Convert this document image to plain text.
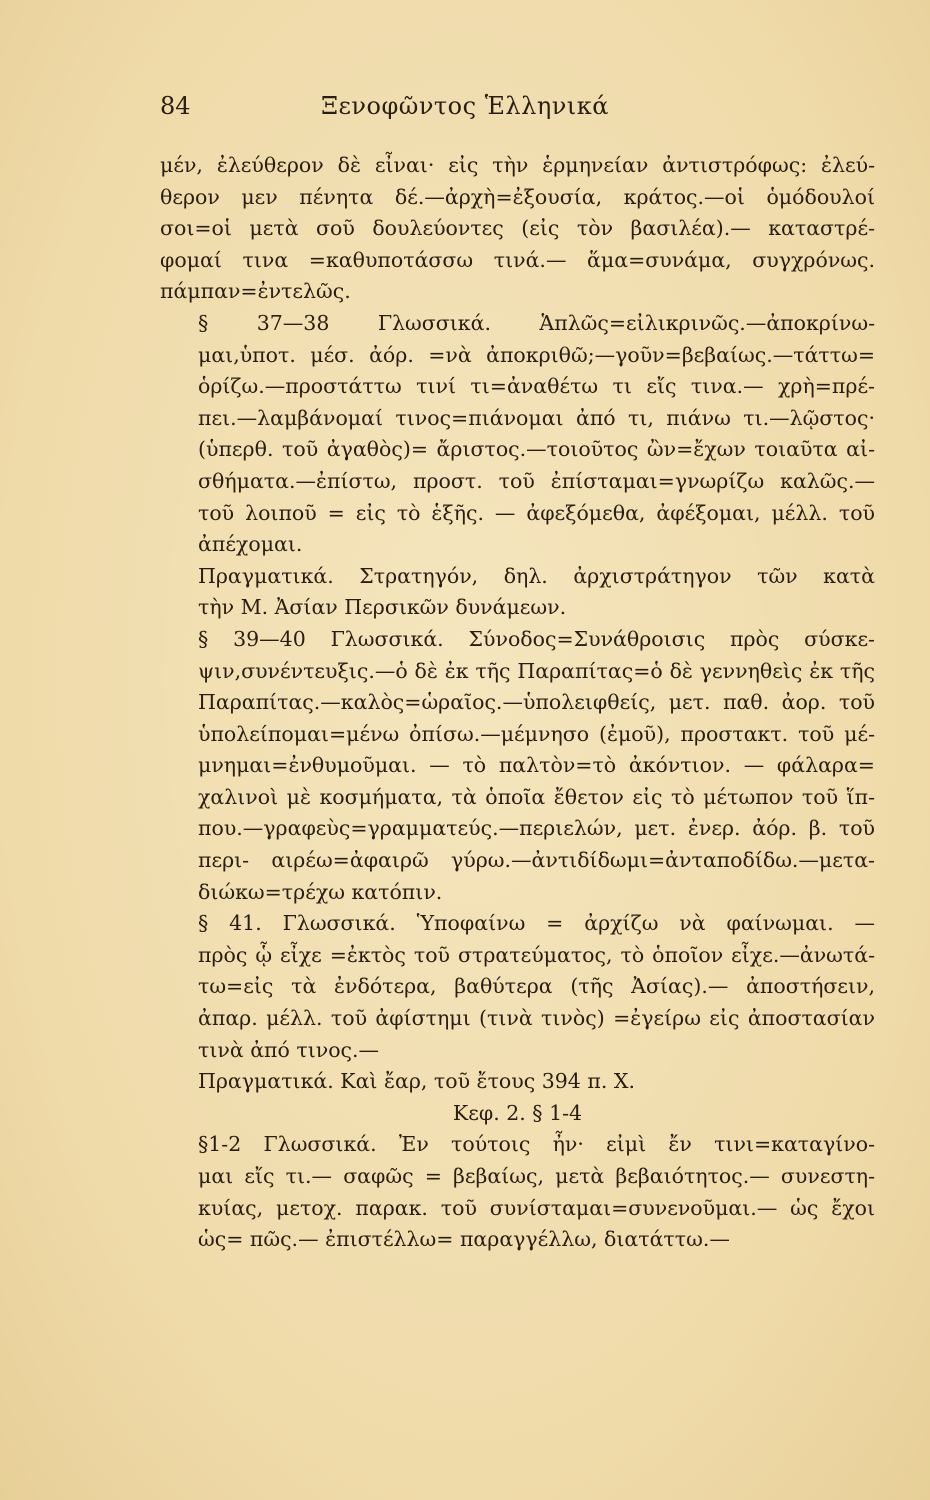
84	Ξενοφῶντος Ἑλληνικά

μέν, ἐλεύθερον δὲ εἶναι· εἰς τὴν ἑρμηνείαν ἀντιστρόφως: ἐλεύ-
θερον μεν πένητα δέ.—ἀρχὴ=ἐξουσία, κράτος.—οἱ ὁμόδουλοί
σοι=οἱ μετὰ σοῦ δουλεύοντες (εἰς τὸν βασιλέα).— καταστρέ-
φομαί τινα =καθυποτάσσω τινά.— ἅμα=συνάμα, συγχρόνως.
πάμπαν=ἐντελῶς.

§ 37—38 Γλωσσικά. Ἁπλῶς=εἰλικρινῶς.—ἀποκρίνω-
μαι,ὑποτ. μέσ. ἀόρ. =νὰ ἀποκριθῶ;—γοῦν=βεβαίως.—τάττω=
ὁρίζω.—προστάττω τινί τι=ἀναθέτω τι εἴς τινα.— χρὴ=πρέ-
πει.—λαμβάνομαί τινος=πιάνομαι ἀπό τι, πιάνω τι.—λῷστος·
(ὑπερθ. τοῦ ἀγαθὸς)= ἄριστος.—τοιοῦτος ὢν=ἔχων τοιαῦτα αἰ-
σθήματα.—ἐπίστω, προστ. τοῦ ἐπίσταμαι=γνωρίζω καλῶς.—
τοῦ λοιποῦ = εἰς τὸ ἑξῆς. — ἀφεξόμεθα, ἀφέξομαι, μέλλ. τοῦ
ἀπέχομαι.

Πραγματικά. Στρατηγόν, δηλ. ἀρχιστράτηγον τῶν κατὰ
τὴν Μ. Ἀσίαν Περσικῶν δυνάμεων.

§ 39—40 Γλωσσικά. Σύνοδος=Συνάθροισις πρὸς σύσκε-
ψιν,συνέντευξις.—ὁ δὲ ἐκ τῆς Παραπίτας=ὁ δὲ γεννηθεὶς ἐκ τῆς
Παραπίτας.—καλὸς=ὡραῖος.—ὑπολειφθείς, μετ. παθ. ἀορ. τοῦ
ὑπολείπομαι=μένω ὀπίσω.—μέμνησο (ἐμοῦ), προστακτ. τοῦ μέ-
μνημαι=ἐνθυμοῦμαι. — τὸ παλτὸν=τὸ ἀκόντιον. — φάλαρα=
χαλινοὶ μὲ κοσμήματα, τὰ ὁποῖα ἔθετον εἰς τὸ μέτωπον τοῦ ἵπ-
που.—γραφεὺς=γραμματεύς.—περιελών, μετ. ἐνερ. ἀόρ. β. τοῦ
περι- αιρέω=ἀφαιρῶ γύρω.—ἀντιδίδωμι=ἀνταποδίδω.—μετα-
διώκω=τρέχω κατόπιν.

§ 41. Γλωσσικά. Ὑποφαίνω = ἀρχίζω νὰ φαίνωμαι. —
πρὸς ᾧ εἶχε =ἐκτὸς τοῦ στρατεύματος, τὸ ὁποῖον εἶχε.—ἀνωτά-
τω=εἰς τὰ ἐνδότερα, βαθύτερα (τῆς Ἀσίας).— ἀποστήσειν,
ἀπαρ. μέλλ. τοῦ ἀφίστημι (τινὰ τινὸς) =ἐγείρω εἰς ἀποστασίαν
τινὰ ἀπό τινος.—

Πραγματικά. Καὶ ἔαρ, τοῦ ἔτους 394 π. Χ.

Κεφ. 2. § 1-4

§1-2 Γλωσσικά. Ἐν τούτοις ἦν· εἰμὶ ἔν τινι=καταγίνο-
μαι εἴς τι.— σαφῶς = βεβαίως, μετὰ βεβαιότητος.— συνεστη-
κυίας, μετοχ. παρακ. τοῦ συνίσταμαι=συνενοῦμαι.— ὡς ἔχοι
ὡς= πῶς.— ἐπιστέλλω= παραγγέλλω, διατάττω.—
